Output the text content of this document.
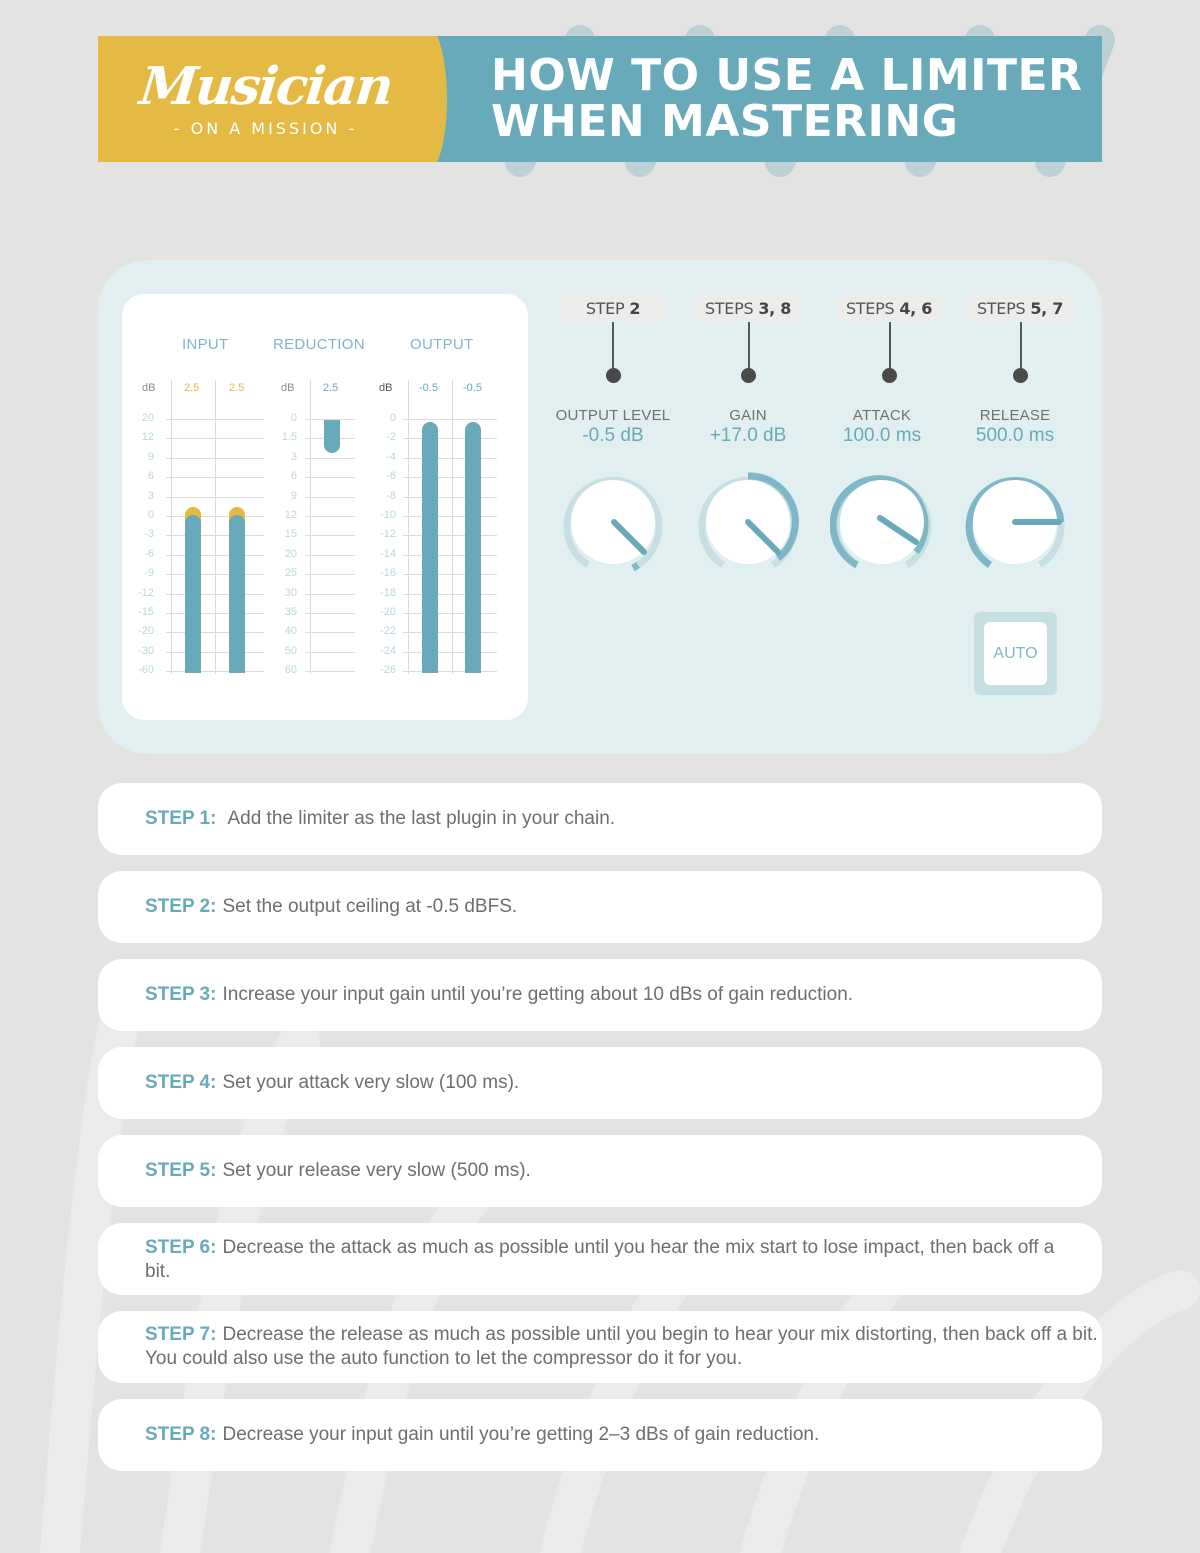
Musician
- ON A MISSION -
HOW TO USE A LIMITER
WHEN MASTERING
INPUT	REDUCTION	OUTPUT
dB	2.5	2.5	dB	2.5	dB -0.5 -0.5
20
12
9
6
3
0
-3
-6
-9
-12
-15
-20
-30
-60
0
1.5
3
6
9
12
15
20
25
30
35
40
50
60
0
-2
-4
-6
-8
-10
-12
-14
-16
-18
-20
-22
-24
-26
STEP 2
OUTPUT LEVEL
-0.5 dB
STEPS 3, 8
GAIN
+17.0 dB
STEPS 4, 6
ATTACK
100.0 ms
STEPS 5, 7
RELEASE
500.0 ms
AUTO
STEP 1: Add the limiter as the last plugin in your chain.
STEP 2: Set the output ceiling at -0.5 dBFS.
STEP 3: Increase your input gain until you’re getting about 10 dBs of gain reduction.
STEP 4: Set your attack very slow (100 ms).
STEP 5: Set your release very slow (500 ms).
STEP 6: Decrease the attack as much as possible until you hear the mix start to lose impact, then back off a bit.
STEP 7: Decrease the release as much as possible until you begin to hear your mix distorting, then back off a bit. You could also use the auto function to let the compressor do it for you.
STEP 8: Decrease your input gain until you’re getting 2–3 dBs of gain reduction.
